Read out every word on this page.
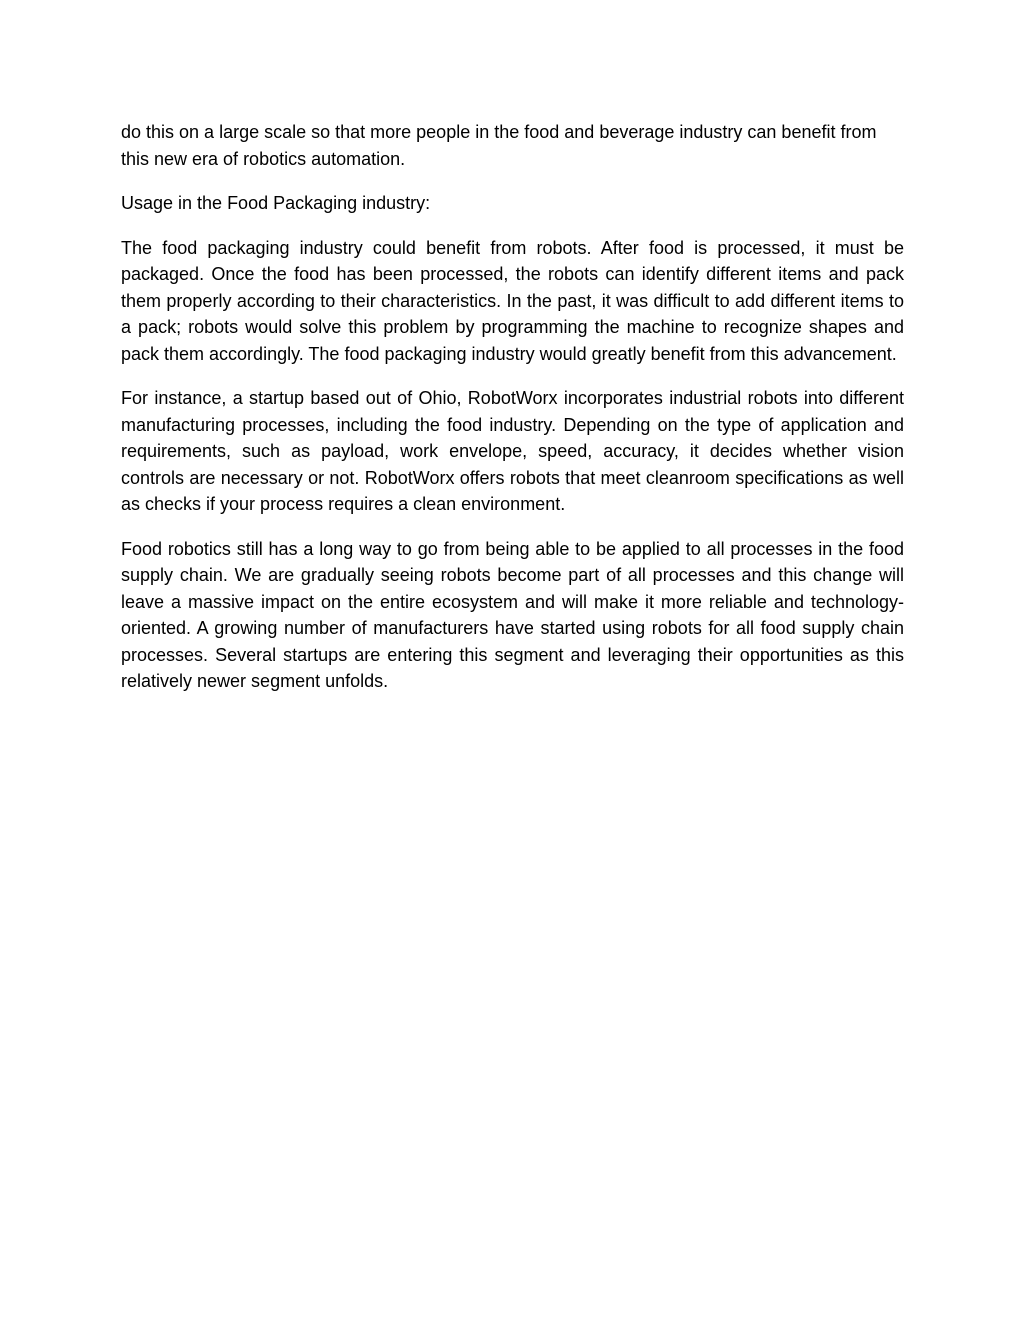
do this on a large scale so that more people in the food and beverage industry can benefit from this new era of robotics automation.

Usage in the Food Packaging industry:

The food packaging industry could benefit from robots. After food is processed, it must be packaged. Once the food has been processed, the robots can identify different items and pack them properly according to their characteristics. In the past, it was difficult to add different items to a pack; robots would solve this problem by programming the machine to recognize shapes and pack them accordingly. The food packaging industry would greatly benefit from this advancement.

For instance, a startup based out of Ohio, RobotWorx incorporates industrial robots into different manufacturing processes, including the food industry. Depending on the type of application and requirements, such as payload, work envelope, speed, accuracy, it decides whether vision controls are necessary or not. RobotWorx offers robots that meet cleanroom specifications as well as checks if your process requires a clean environment.

Food robotics still has a long way to go from being able to be applied to all processes in the food supply chain. We are gradually seeing robots become part of all processes and this change will leave a massive impact on the entire ecosystem and will make it more reliable and technology-oriented. A growing number of manufacturers have started using robots for all food supply chain processes. Several startups are entering this segment and leveraging their opportunities as this relatively newer segment unfolds.
